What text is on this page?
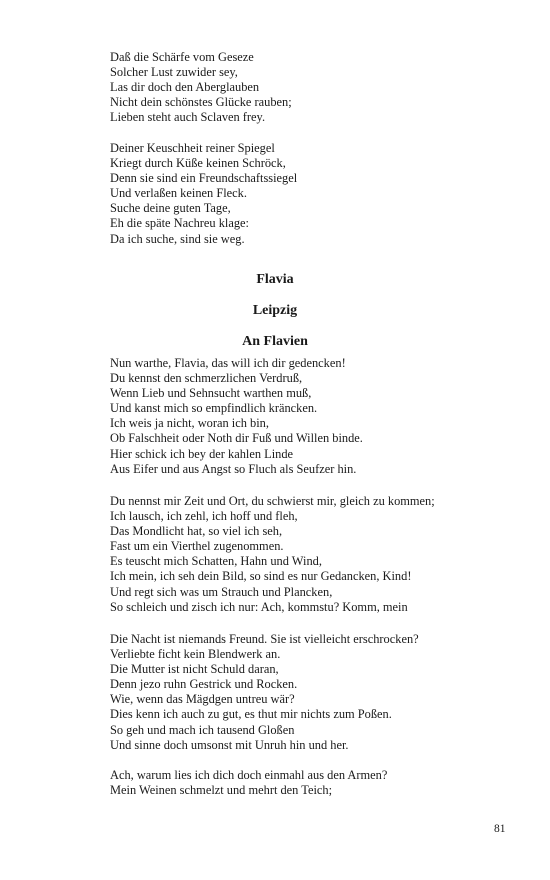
Daß die Schärfe vom Geseze
Solcher Lust zuwider sey,
Las dir doch den Aberglauben
Nicht dein schönstes Glücke rauben;
Lieben steht auch Sclaven frey.
Deiner Keuschheit reiner Spiegel
Kriegt durch Küße keinen Schröck,
Denn sie sind ein Freundschaftssiegel
Und verlaßen keinen Fleck.
Suche deine guten Tage,
Eh die späte Nachreu klage:
Da ich suche, sind sie weg.
Flavia
Leipzig
An Flavien
Nun warthe, Flavia, das will ich dir gedencken!
Du kennst den schmerzlichen Verdruß,
Wenn Lieb und Sehnsucht warthen muß,
Und kanst mich so empfindlich kräncken.
Ich weis ja nicht, woran ich bin,
Ob Falschheit oder Noth dir Fuß und Willen binde.
Hier schick ich bey der kahlen Linde
Aus Eifer und aus Angst so Fluch als Seufzer hin.
Du nennst mir Zeit und Ort, du schwierst mir, gleich zu kommen;
Ich lausch, ich zehl, ich hoff und fleh,
Das Mondlicht hat, so viel ich seh,
Fast um ein Vierthel zugenommen.
Es teuscht mich Schatten, Hahn und Wind,
Ich mein, ich seh dein Bild, so sind es nur Gedancken, Kind!
Und regt sich was um Strauch und Plancken,
So schleich und zisch ich nur: Ach, kommstu? Komm, mein
Die Nacht ist niemands Freund. Sie ist vielleicht erschrocken?
Verliebte ficht kein Blendwerk an.
Die Mutter ist nicht Schuld daran,
Denn jezo ruhn Gestrick und Rocken.
Wie, wenn das Mägdgen untreu wär?
Dies kenn ich auch zu gut, es thut mir nichts zum Poßen.
So geh und mach ich tausend Gloßen
Und sinne doch umsonst mit Unruh hin und her.
Ach, warum lies ich dich doch einmahl aus den Armen?
Mein Weinen schmelzt und mehrt den Teich;
81
